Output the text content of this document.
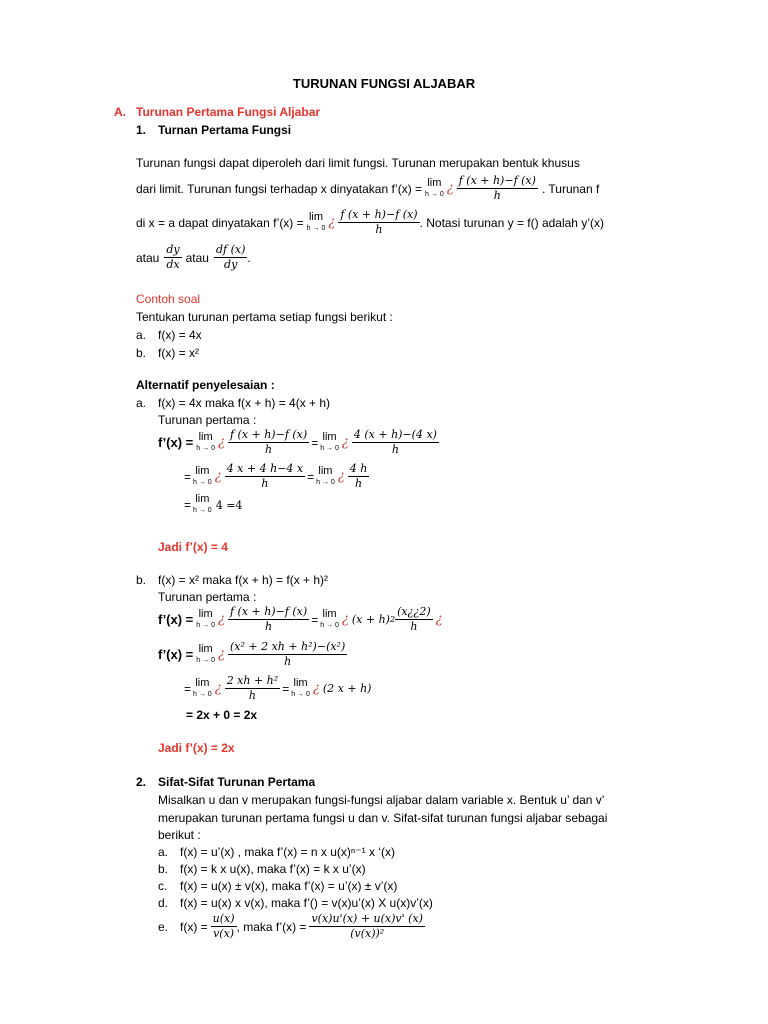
TURUNAN FUNGSI ALJABAR
A. Turunan Pertama Fungsi Aljabar
1. Turnan Pertama Fungsi
Turunan fungsi dapat diperoleh dari limit fungsi. Turunan merupakan bentuk khusus
dari limit. Turunan fungsi terhadap x dinyatakan f’(x) = lim
h → 0 ¿ $\frac{f (x + h)-f (x)}{h}$ . Turunan f
di x = a dapat dinyatakan f’(x) = lim
h → 0 ¿ $\frac{f (x + h)-f (x)}{h}$ . Notasi turunan y = f() adalah y’(x)
atau $\frac{dy}{dx}$ atau $\frac{df (x)}{dy}$ .
Contoh soal
Tentukan turunan pertama setiap fungsi berikut :
a. f(x) = 4x
b. f(x) = x²
Alternatif penyelesaian :
a. f(x) = 4x maka f(x + h) = 4(x + h)
Turunan pertama :
f’(x) = lim
h → 0 ¿ $\frac{f (x + h)-f (x)}{h} = \lim$
h → 0 ¿ $\frac{4 (x + h)-(4 x)}{h}$
= lim
h → 0 ¿ $\frac{4 x + 4 h-4 x}{h} = \lim$
h → 0 ¿ $\frac{4 h}{h}$
= lim
h → 0 4 =4
Jadi f’(x) = 4
b. f(x) = x² maka f(x + h) = f(x + h)²
Turunan pertama :
f’(x) = lim
h → 0 ¿ $\frac{f (x + h)-f (x)}{h} = \lim$
h → 0 ¿ (x + h) $2 \frac{(x¿¿2)}{h}$ ¿
f’(x) = lim
h → 0 ¿ $\frac{\text{(x² + 2 xh + h²)−(x²)}}{h}$
= lim
h → 0 ¿ $\frac{\text{2 xh + h²}}{h} = \lim$
h → 0 ¿ (2 x + h)
= 2x + 0 = 2x
Jadi f’(x) = 2x
2. Sifat-Sifat Turunan Pertama
Misalkan u dan v merupakan fungsi-fungsi aljabar dalam variable x. Bentuk u’ dan v’
merupakan turunan pertama fungsi u dan v. Sifat-sifat turunan fungsi aljabar sebagai
berikut :
a. f(x) = u’(x) , maka f’(x) = n x u(x)ⁿ⁻¹ x ‘(x)
b. f(x) = k x u(x), maka f’(x) = k x u’(x)
c. f(x) = u(x) ± v(x), maka f’(x) = u’(x) ± v’(x)
d. f(x) = u(x) x v(x), maka f’() = v(x)u’(x) X u(x)v’(x)
e. $f(x) = \frac{u(x)}{v(x)}$ , maka f’(x) = $\frac{v(x)u'(x) + u(x)v' (x)}{\text{(v(x))²}}$
